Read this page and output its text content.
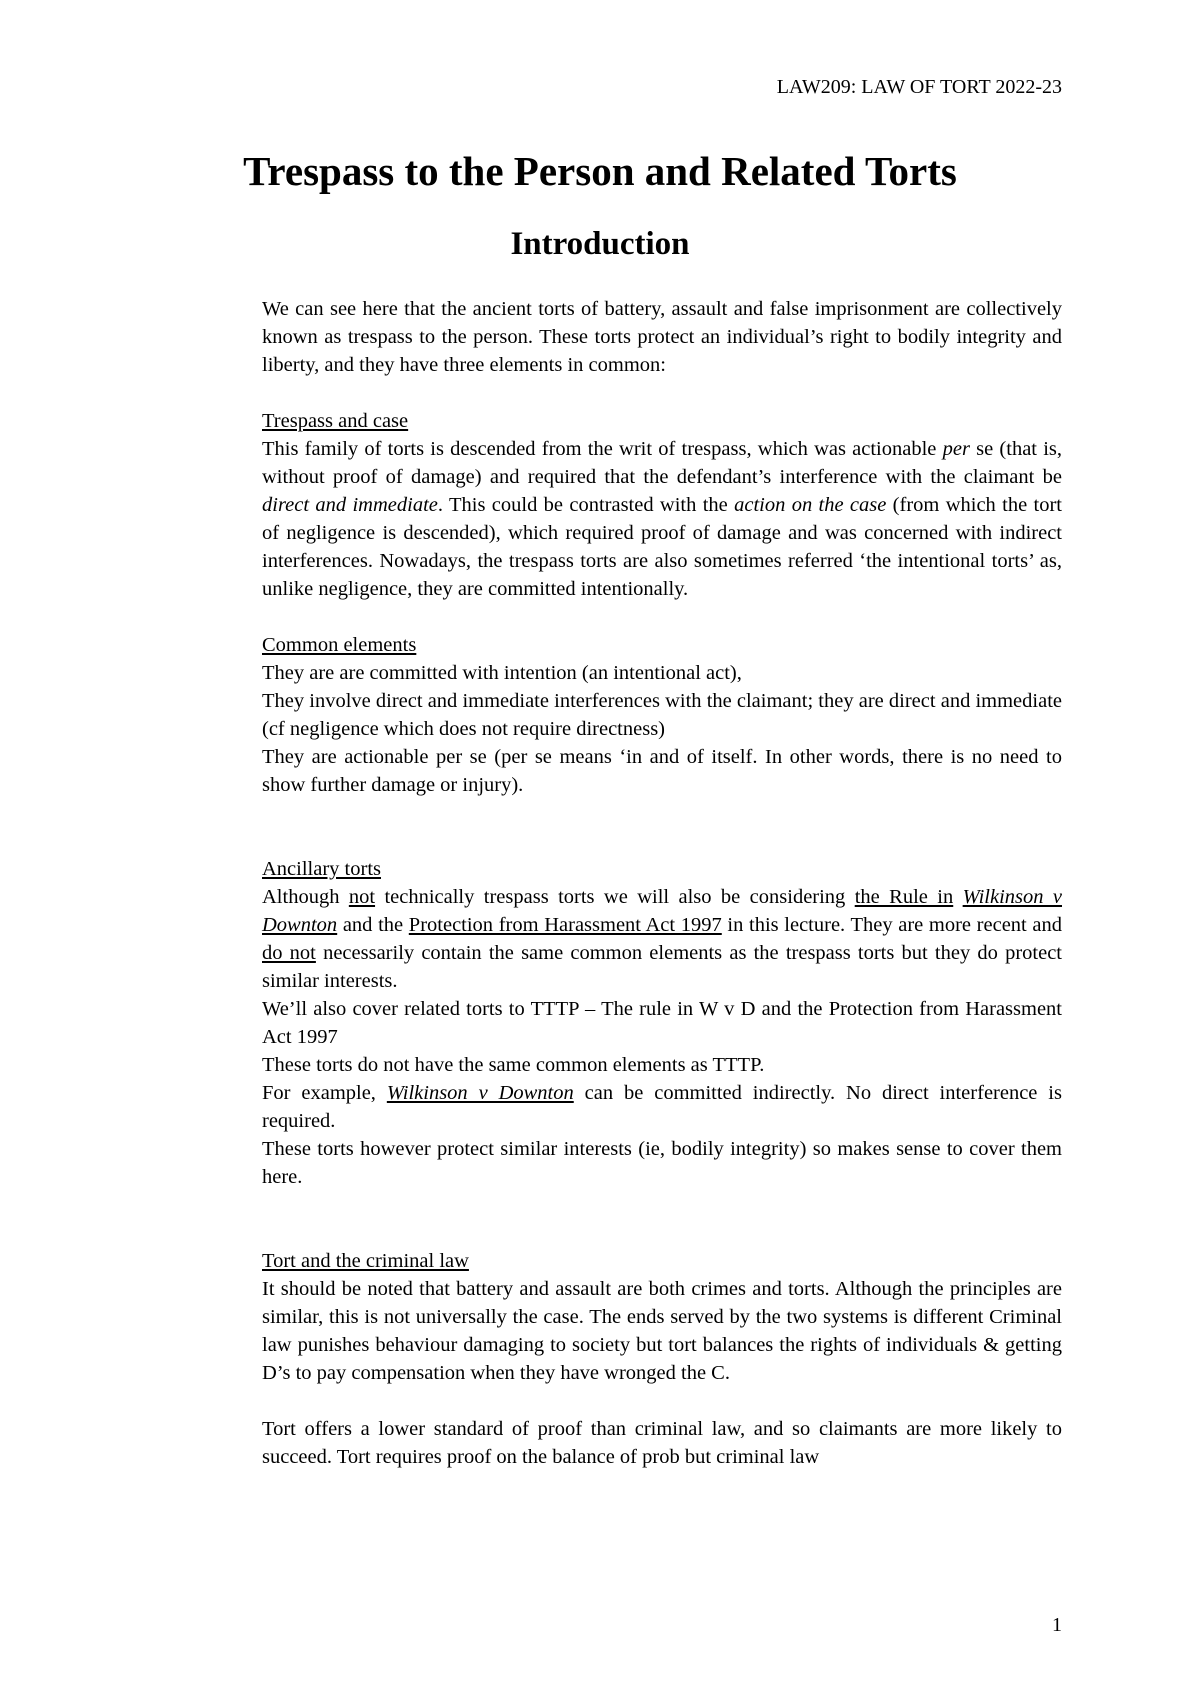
LAW209: LAW OF TORT 2022-23
Trespass to the Person and Related Torts
Introduction

We can see here that the ancient torts of battery, assault and false imprisonment are collectively known as trespass to the person. These torts protect an individual’s right to bodily integrity and liberty, and they have three elements in common:

Trespass and case

This family of torts is descended from the writ of trespass, which was actionable per se (that is, without proof of damage) and required that the defendant’s interference with the claimant be direct and immediate. This could be contrasted with the action on the case (from which the tort of negligence is descended), which required proof of damage and was concerned with indirect interferences. Nowadays, the trespass torts are also sometimes referred ‘the intentional torts’ as, unlike negligence, they are committed intentionally.

Common elements

They are are committed with intention (an intentional act),

They involve direct and immediate interferences with the claimant; they are direct and immediate (cf negligence which does not require directness)

They are actionable per se (per se means ‘in and of itself. In other words, there is no need to show further damage or injury).

Ancillary torts

Although not technically trespass torts we will also be considering the Rule in Wilkinson v Downton and the Protection from Harassment Act 1997 in this lecture. They are more recent and do not necessarily contain the same common elements as the trespass torts but they do protect similar interests.

We’ll also cover related torts to TTTP – The rule in W v D and the Protection from Harassment Act 1997

These torts do not have the same common elements as TTTP.

For example, Wilkinson v Downton can be committed indirectly. No direct interference is required.

These torts however protect similar interests (ie, bodily integrity) so makes sense to cover them here.

Tort and the criminal law

It should be noted that battery and assault are both crimes and torts. Although the principles are similar, this is not universally the case. The ends served by the two systems is different Criminal law punishes behaviour damaging to society but tort balances the rights of individuals & getting D’s to pay compensation when they have wronged the C.

Tort offers a lower standard of proof than criminal law, and so claimants are more likely to succeed. Tort requires proof on the balance of prob but criminal law

1
